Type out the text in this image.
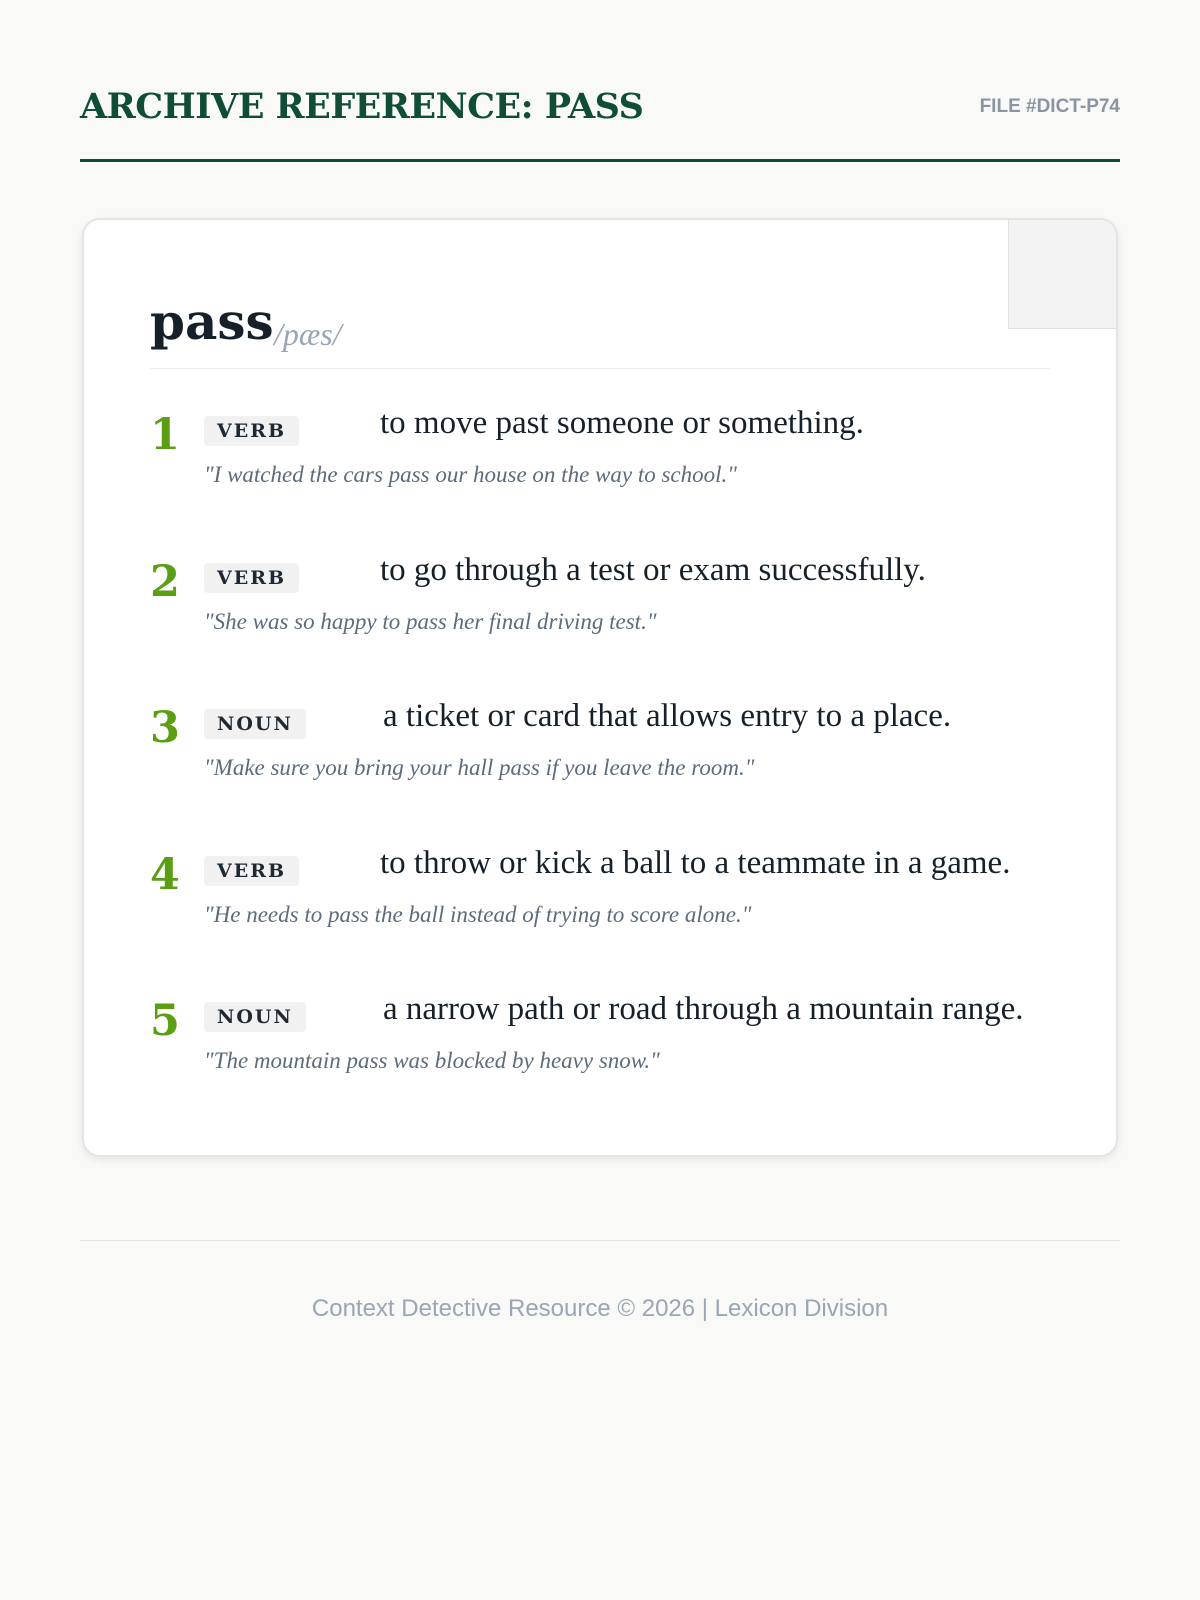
ARCHIVE REFERENCE: PASS	FILE #DICT-P74
pass /pæs/
1	VERB	to move past someone or something.
"I watched the cars pass our house on the way to school."
2	VERB	to go through a test or exam successfully.
"She was so happy to pass her final driving test."
3	NOUN	a ticket or card that allows entry to a place.
"Make sure you bring your hall pass if you leave the room."
4	VERB	to throw or kick a ball to a teammate in a game.
"He needs to pass the ball instead of trying to score alone."
5	NOUN	a narrow path or road through a mountain range.
"The mountain pass was blocked by heavy snow."
Context Detective Resource © 2026 | Lexicon Division
